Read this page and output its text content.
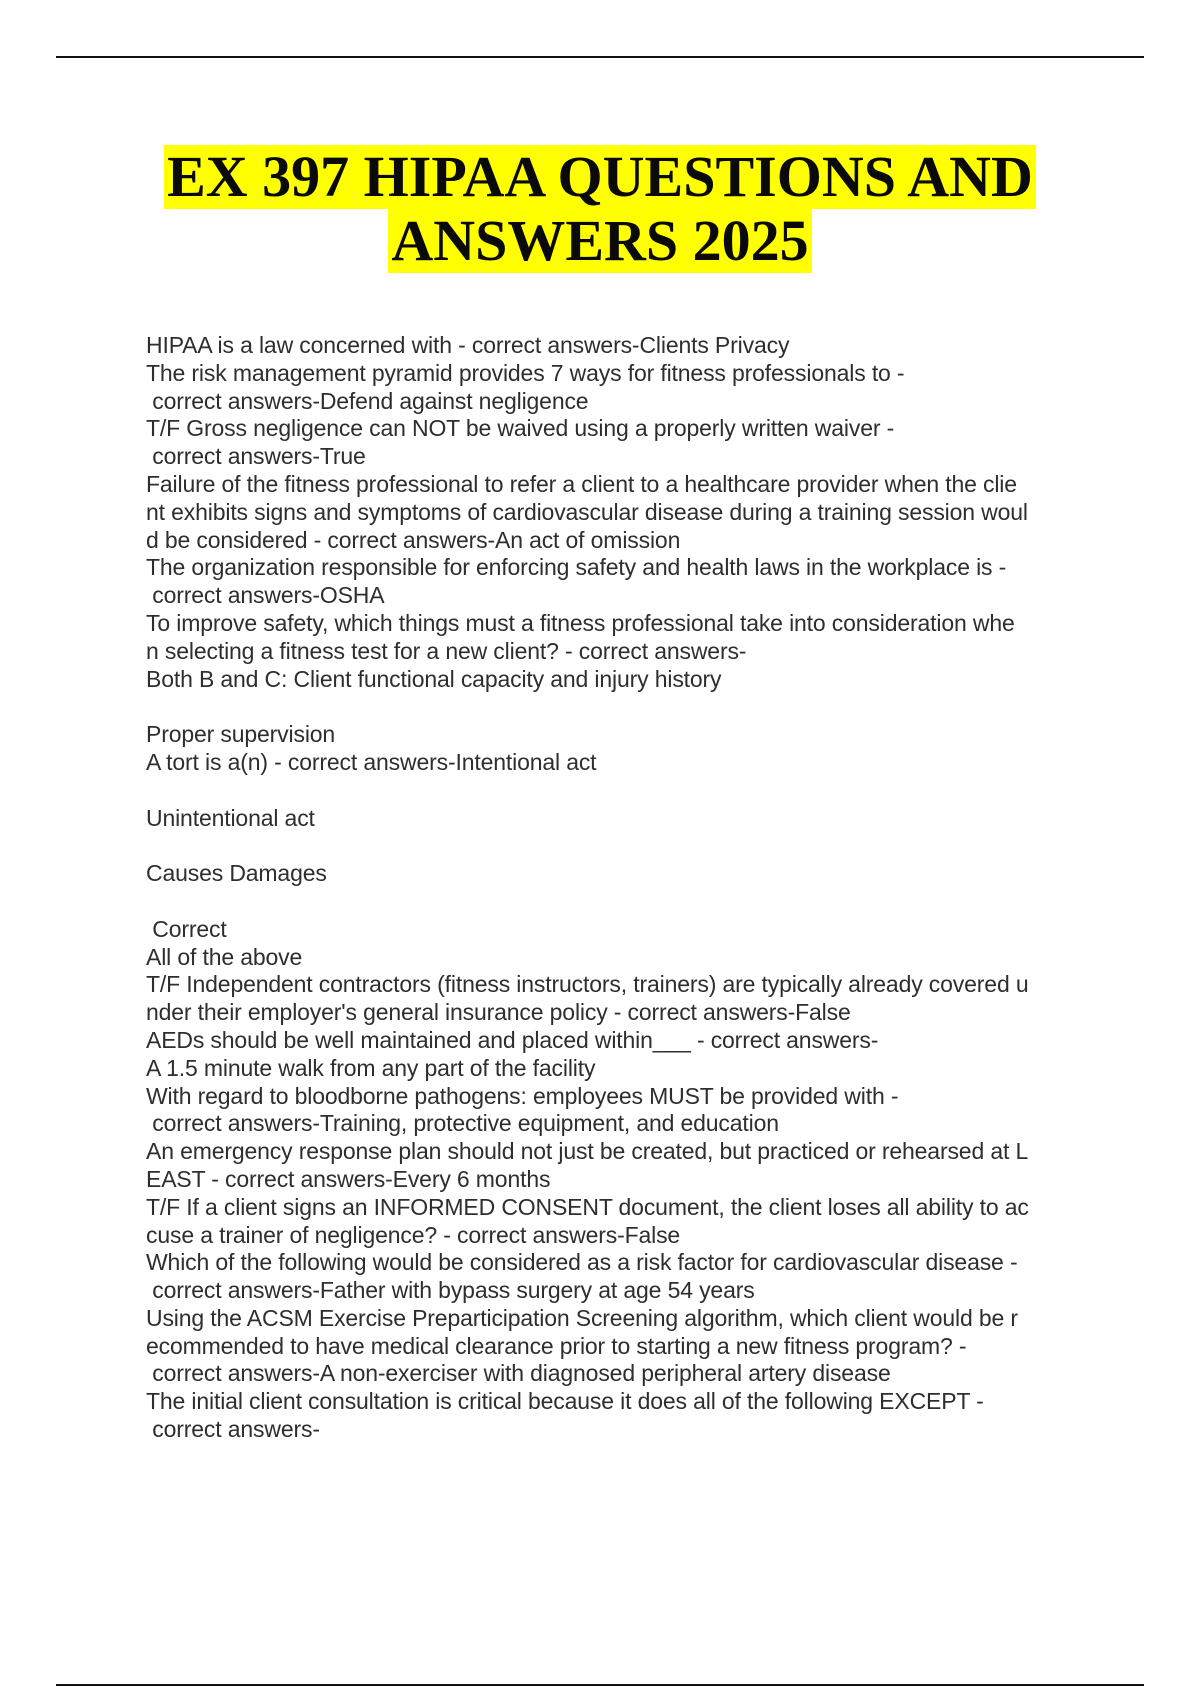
EX 397 HIPAA QUESTIONS AND
ANSWERS 2025
HIPAA is a law concerned with - correct answers-Clients Privacy
The risk management pyramid provides 7 ways for fitness professionals to -
correct answers-Defend against negligence
T/F Gross negligence can NOT be waived using a properly written waiver -
correct answers-True
Failure of the fitness professional to refer a client to a healthcare provider when the clie
nt exhibits signs and symptoms of cardiovascular disease during a training session woul
d be considered - correct answers-An act of omission
The organization responsible for enforcing safety and health laws in the workplace is -
correct answers-OSHA
To improve safety, which things must a fitness professional take into consideration whe
n selecting a fitness test for a new client? - correct answers-
Both B and C: Client functional capacity and injury history
Proper supervision
A tort is a(n) - correct answers-Intentional act
Unintentional act
Causes Damages
Correct
All of the above
T/F Independent contractors (fitness instructors, trainers) are typically already covered u
nder their employer's general insurance policy - correct answers-False
AEDs should be well maintained and placed within___ - correct answers-
A 1.5 minute walk from any part of the facility
With regard to bloodborne pathogens: employees MUST be provided with -
correct answers-Training, protective equipment, and education
An emergency response plan should not just be created, but practiced or rehearsed at L
EAST - correct answers-Every 6 months
T/F If a client signs an INFORMED CONSENT document, the client loses all ability to ac
cuse a trainer of negligence? - correct answers-False
Which of the following would be considered as a risk factor for cardiovascular disease -
correct answers-Father with bypass surgery at age 54 years
Using the ACSM Exercise Preparticipation Screening algorithm, which client would be r
ecommended to have medical clearance prior to starting a new fitness program? -
correct answers-A non-exerciser with diagnosed peripheral artery disease
The initial client consultation is critical because it does all of the following EXCEPT -
correct answers-
